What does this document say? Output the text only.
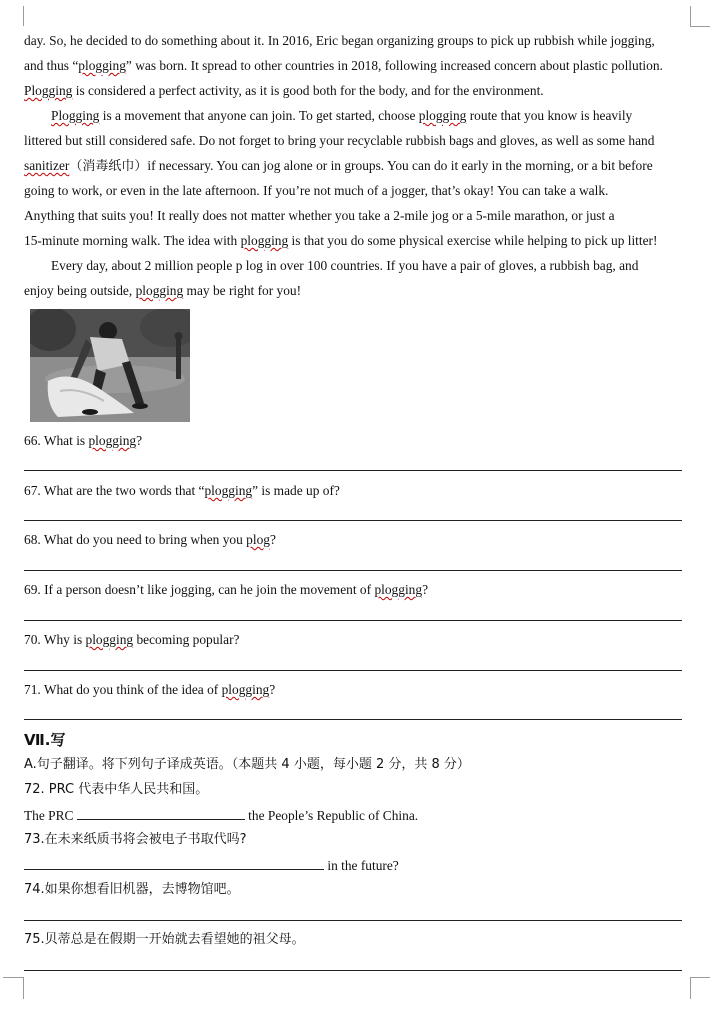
day. So, he decided to do something about it. In 2016, Eric began organizing groups to pick up rubbish while jogging,
and thus “plogging” was born. It spread to other countries in 2018, following increased concern about plastic pollution.
Plogging is considered a perfect activity, as it is good both for the body, and for the environment.
Plogging is a movement that anyone can join. To get started, choose plogging route that you know is heavily
littered but still considered safe. Do not forget to bring your recyclable rubbish bags and gloves, as well as some hand
sanitizer（消毒纸巾）if necessary. You can jog alone or in groups. You can do it early in the morning, or a bit before
going to work, or even in the late afternoon. If you’re not much of a jogger, that’s okay! You can take a walk.
Anything that suits you! It really does not matter whether you take a 2-mile jog or a 5-mile marathon, or just a
15-minute morning walk. The idea with plogging is that you do some physical exercise while helping to pick up litter!
Every day, about 2 million people p log in over 100 countries. If you have a pair of gloves, a rubbish bag, and
enjoy being outside, plogging may be right for you!
66. What is plogging?
67. What are the two words that “plogging” is made up of?
68. What do you need to bring when you plog?
69. If a person doesn’t like jogging, can he join the movement of plogging?
70. Why is plogging becoming popular?
71. What do you think of the idea of plogging?
Ⅶ.写
A.句子翻译。将下列句子译成英语。（本题共 4 小题，每小题 2 分，共 8 分）
72. PRC 代表中华人民共和国。
The PRC	the People’s Republic of China.
73.在未来纸质书将会被电子书取代吗?
in the future?
74.如果你想看旧机器，去博物馆吧。
75.贝蒂总是在假期一开始就去看望她的祖父母。
